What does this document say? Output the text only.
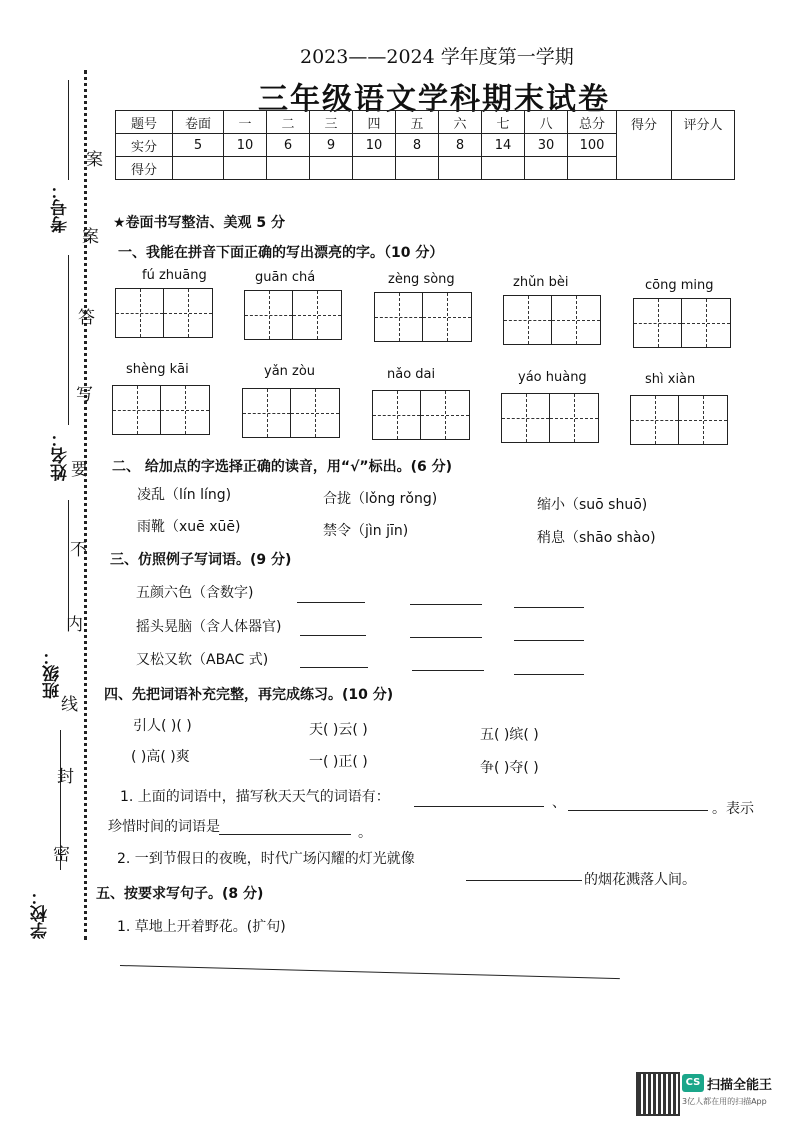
考号：
姓名：
班级：
学校：
密
封
线
内
不
要
写
答
案
案
2023——2024 学年度第一学期
三年级语文学科期末试卷
题号	卷面	一	二	三	四	五	六	七	八	总分	得分	评分人

实分	5	10	6	9	10	8	8	14	30	100		
得分												
★卷面书写整洁、美观 5 分
一、我能在拼音下面正确的写出漂亮的字。（10 分）
fú zhuāng	guān chá	zèng sòng	zhǔn bèi	cōng ming
shèng kāi	yǎn zòu	nǎo dai	yáo huàng	shì xiàn
二、 给加点的字选择正确的读音，用“√”标出。(6 分)
凌乱（lín líng)	合拢（lǒng rǒng)	缩小（suō shuō)
雨靴（xuē xūē)	禁令（jìn jīn)	稍息（shāo shào)
三、仿照例子写词语。(9 分)
五颜六色（含数字)
摇头晃脑（含人体器官)
又松又软（ABAC 式)
四、先把词语补充完整，再完成练习。(10 分)
引人( )( )	天( )云( )	五( )缤( )
( )高( )爽	一( )正( )	争( )夺( )
1. 上面的词语中，描写秋天天气的词语有：	、	。表示
珍惜时间的词语是	。
2. 一到节假日的夜晚，时代广场闪耀的灯光就像
的烟花溅落人间。
五、按要求写句子。(8 分)
1. 草地上开着野花。(扩句)
CS 扫描全能王
3亿人都在用的扫描App
